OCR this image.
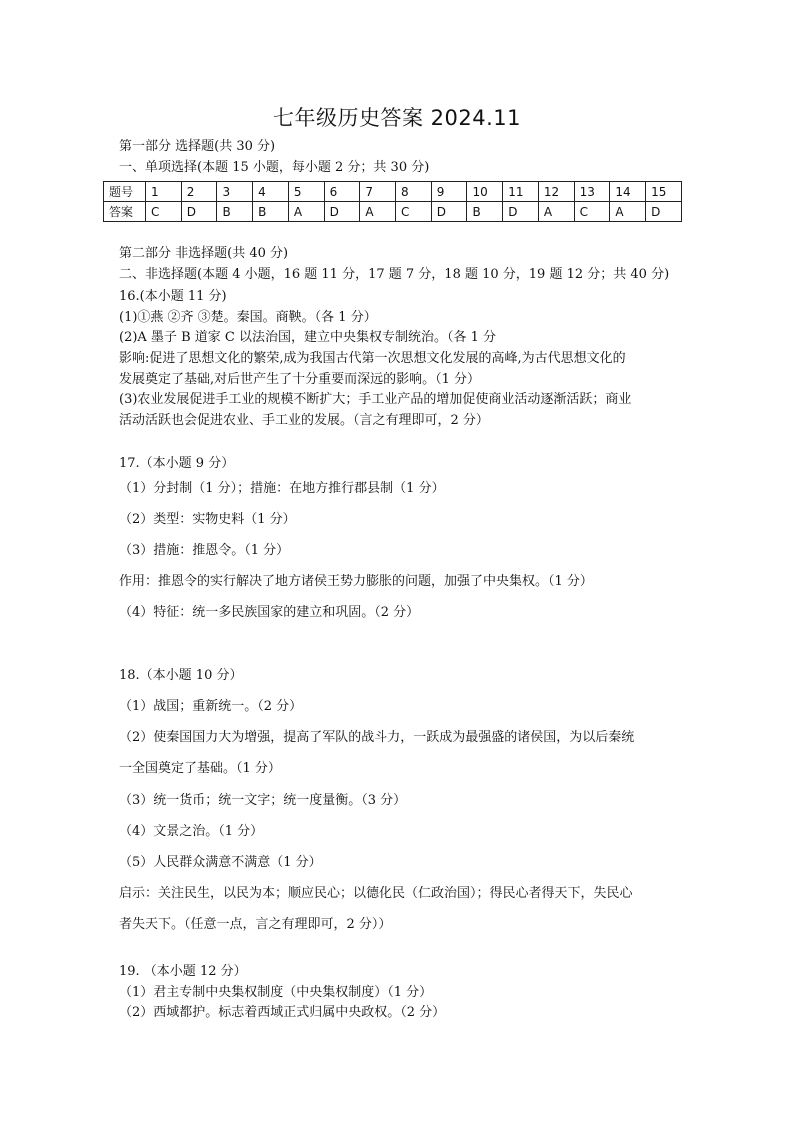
七年级历史答案 2024.11
第一部分 选择题(共 30 分)
一、单项选择(本题 15 小题，每小题 2 分；共 30 分)
题号	1	2	3	4	5	6	7	8	9	10	11	12	13	14	15
答案	C	D	B	B	A	D	A	C	D	B	D	A	C	A	D
第二部分 非选择题(共 40 分)
二、非选择题(本题 4 小题，16 题 11 分，17 题 7 分，18 题 10 分，19 题 12 分；共 40 分)
16.(本小题 11 分)
(1)①燕 ②齐 ③楚。秦国。商鞅。（各 1 分）
(2)A 墨子 B 道家 C 以法治国，建立中央集权专制统治。（各 1 分
影响:促进了思想文化的繁荣,成为我国古代第一次思想文化发展的高峰,为古代思想文化的
发展奠定了基础,对后世产生了十分重要而深远的影响。（1 分）
(3)农业发展促进手工业的规模不断扩大；手工业产品的增加促使商业活动逐渐活跃；商业
活动活跃也会促进农业、手工业的发展。（言之有理即可，2 分）
17.（本小题 9 分）
（1）分封制（1 分）；措施：在地方推行郡县制（1 分）
（2）类型：实物史料（1 分）
（3）措施：推恩令。（1 分）
作用：推恩令的实行解决了地方诸侯王势力膨胀的问题，加强了中央集权。（1 分）
（4）特征：统一多民族国家的建立和巩固。（2 分）
18.（本小题 10 分）
（1）战国；重新统一。（2 分）
（2）使秦国国力大为增强，提高了军队的战斗力，一跃成为最强盛的诸侯国，为以后秦统
一全国奠定了基础。（1 分）
（3）统一货币；统一文字；统一度量衡。（3 分）
（4）文景之治。（1 分）
（5）人民群众满意不满意（1 分）
启示：关注民生，以民为本；顺应民心；以德化民（仁政治国）；得民心者得天下，失民心
者失天下。（任意一点，言之有理即可，2 分））
19. （本小题 12 分）
（1）君主专制中央集权制度（中央集权制度）（1 分）
（2）西域都护。标志着西域正式归属中央政权。（2 分）
